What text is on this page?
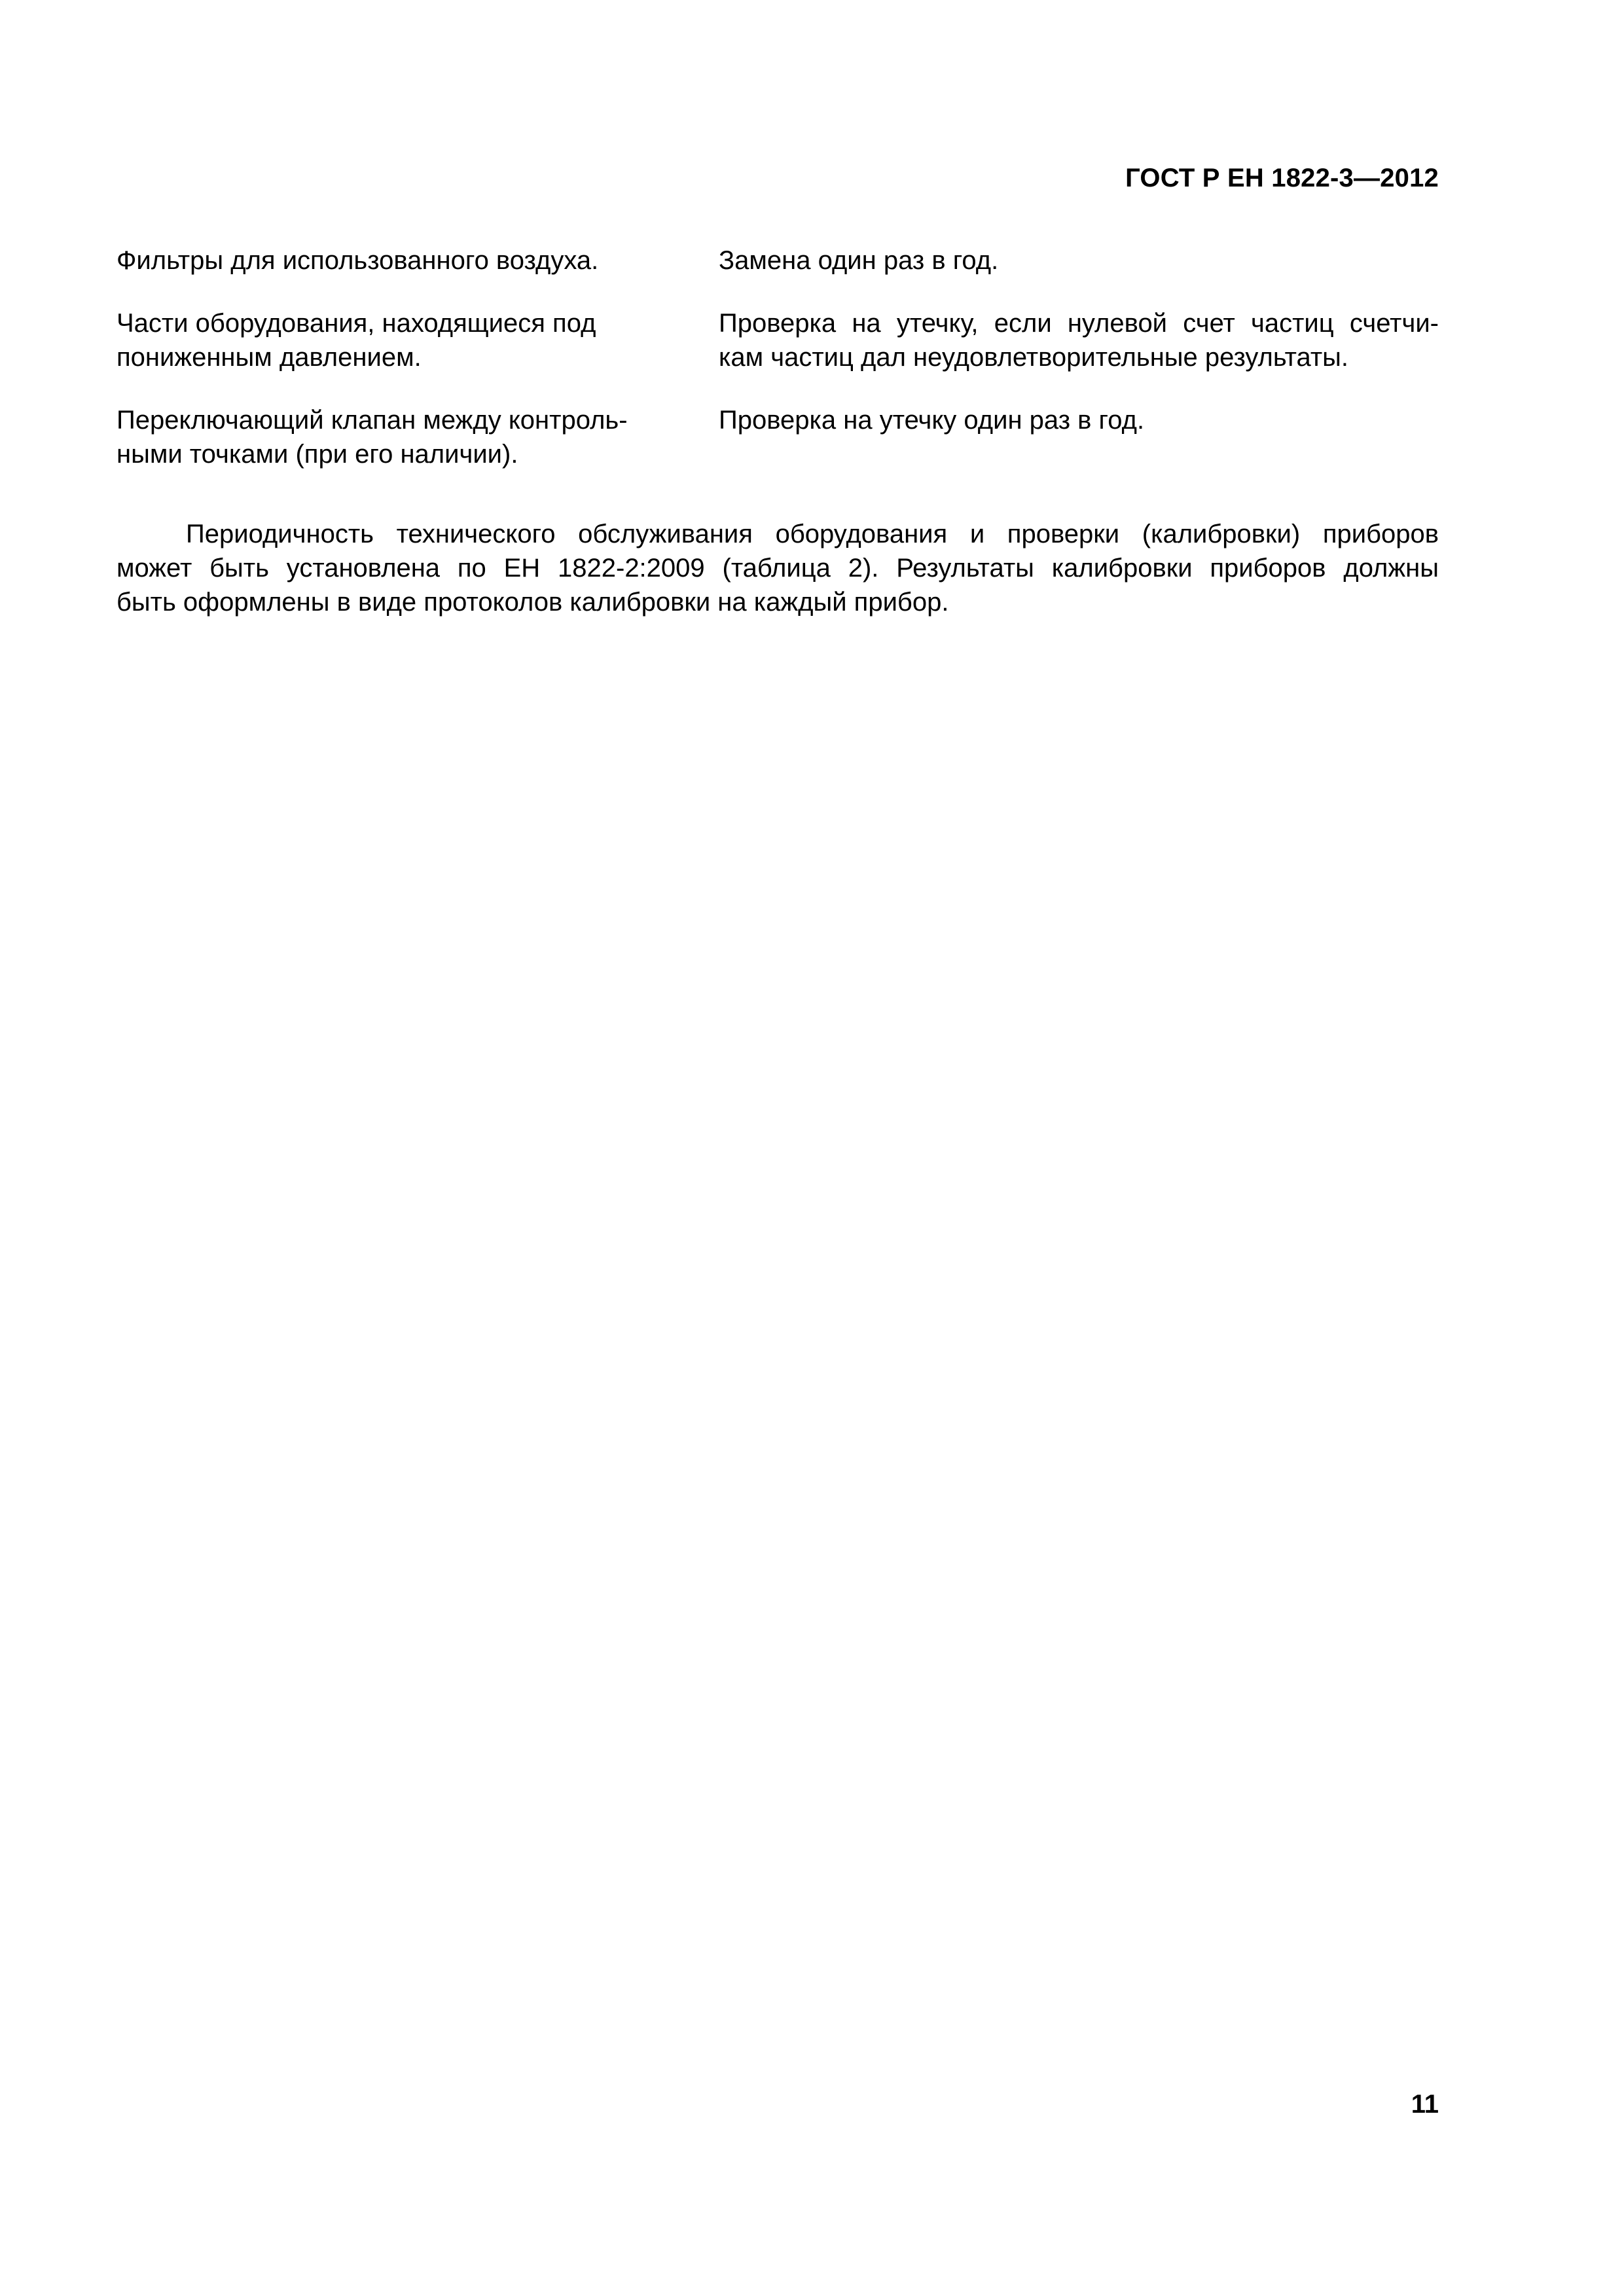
ГОСТ Р ЕН 1822-3—2012
Фильтры для использованного воздуха.	Замена один раз в год.
Части оборудования, находящиеся под
пониженным давлением.
Проверка на утечку, если нулевой счет частиц счетчи-
кам частиц дал неудовлетворительные результаты.
Переключающий клапан между контроль-
ными точками (при его наличии).
Проверка на утечку один раз в год.
Периодичность технического обслуживания оборудования и проверки (калибровки) приборов
может быть установлена по ЕН 1822-2:2009 (таблица 2). Результаты калибровки приборов должны
быть оформлены в виде протоколов калибровки на каждый прибор.
11
